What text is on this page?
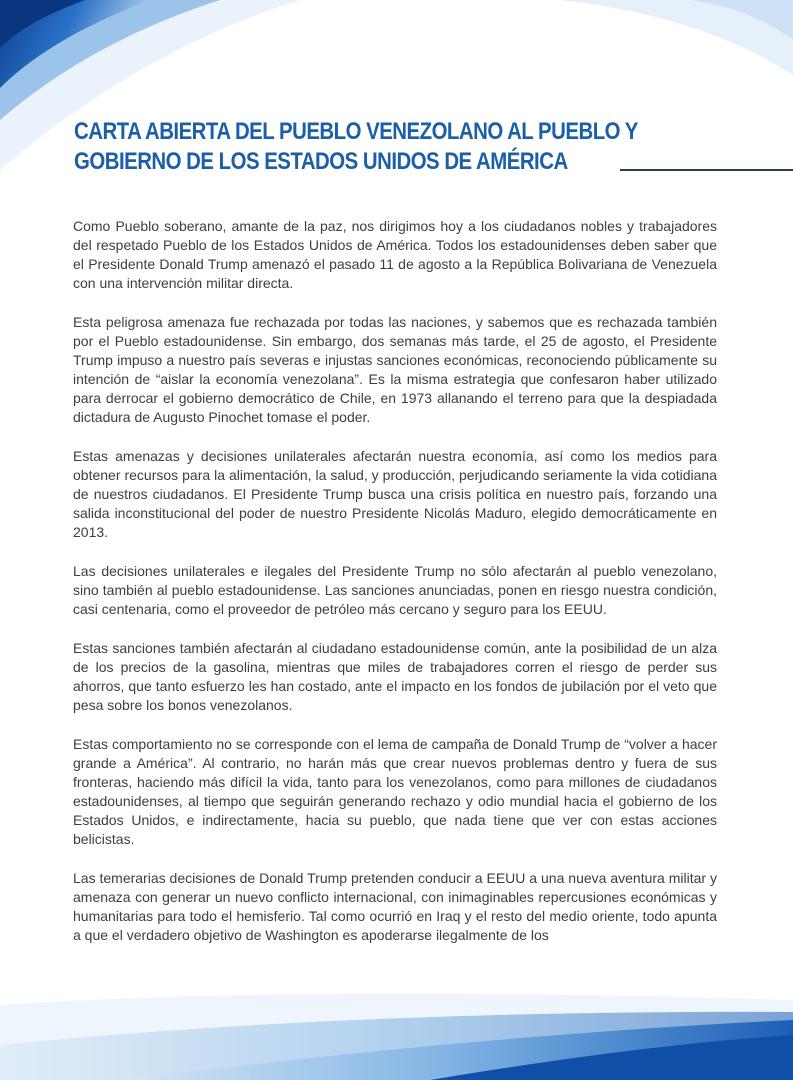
CARTA ABIERTA DEL PUEBLO VENEZOLANO AL PUEBLO Y

GOBIERNO DE LOS ESTADOS UNIDOS DE AMÉRICA

Como Pueblo soberano, amante de la paz, nos dirigimos hoy a los ciudadanos nobles y trabajadores del respetado Pueblo de los Estados Unidos de América. Todos los estadounidenses deben saber que el Presidente Donald Trump amenazó el pasado 11 de agosto a la República Bolivariana de Venezuela con una intervención militar directa.

Esta peligrosa amenaza fue rechazada por todas las naciones, y sabemos que es rechazada también por el Pueblo estadounidense. Sin embargo, dos semanas más tarde, el 25 de agosto, el Presidente Trump impuso a nuestro país severas e injustas sanciones económicas, reconociendo públicamente su intención de “aislar la economía venezolana”. Es la misma estrategia que confesaron haber utilizado para derrocar el gobierno democrático de Chile, en 1973 allanando el terreno para que la despiadada dictadura de Augusto Pinochet tomase el poder.

Estas amenazas y decisiones unilaterales afectarán nuestra economía, así como los medios para obtener recursos para la alimentación, la salud, y producción, perjudicando seriamente la vida cotidiana de nuestros ciudadanos. El Presidente Trump busca una crisis política en nuestro país, forzando una salida inconstitucional del poder de nuestro Presidente Nicolás Maduro, elegido democráticamente en 2013.

Las decisiones unilaterales e ilegales del Presidente Trump no sólo afectarán al pueblo venezolano, sino también al pueblo estadounidense. Las sanciones anunciadas, ponen en riesgo nuestra condición, casi centenaria, como el proveedor de petróleo más cercano y seguro para los EEUU.

Estas sanciones también afectarán al ciudadano estadounidense común, ante la posibilidad de un alza de los precios de la gasolina, mientras que miles de trabajadores corren el riesgo de perder sus ahorros, que tanto esfuerzo les han costado, ante el impacto en los fondos de jubilación por el veto que pesa sobre los bonos venezolanos.

Estas comportamiento no se corresponde con el lema de campaña de Donald Trump de “volver a hacer grande a América”. Al contrario, no harán más que crear nuevos problemas dentro y fuera de sus fronteras, haciendo más difícil la vida, tanto para los venezolanos, como para millones de ciudadanos estadounidenses, al tiempo que seguirán generando rechazo y odio mundial hacia el gobierno de los Estados Unidos, e indirectamente, hacia su pueblo, que nada tiene que ver con estas acciones belicistas.

Las temerarias decisiones de Donald Trump pretenden conducir a EEUU a una nueva aventura militar y amenaza con generar un nuevo conflicto internacional, con inimaginables repercusiones económicas y humanitarias para todo el hemisferio. Tal como ocurrió en Iraq y el resto del medio oriente, todo apunta a que el verdadero objetivo de Washington es apoderarse ilegalmente de los
